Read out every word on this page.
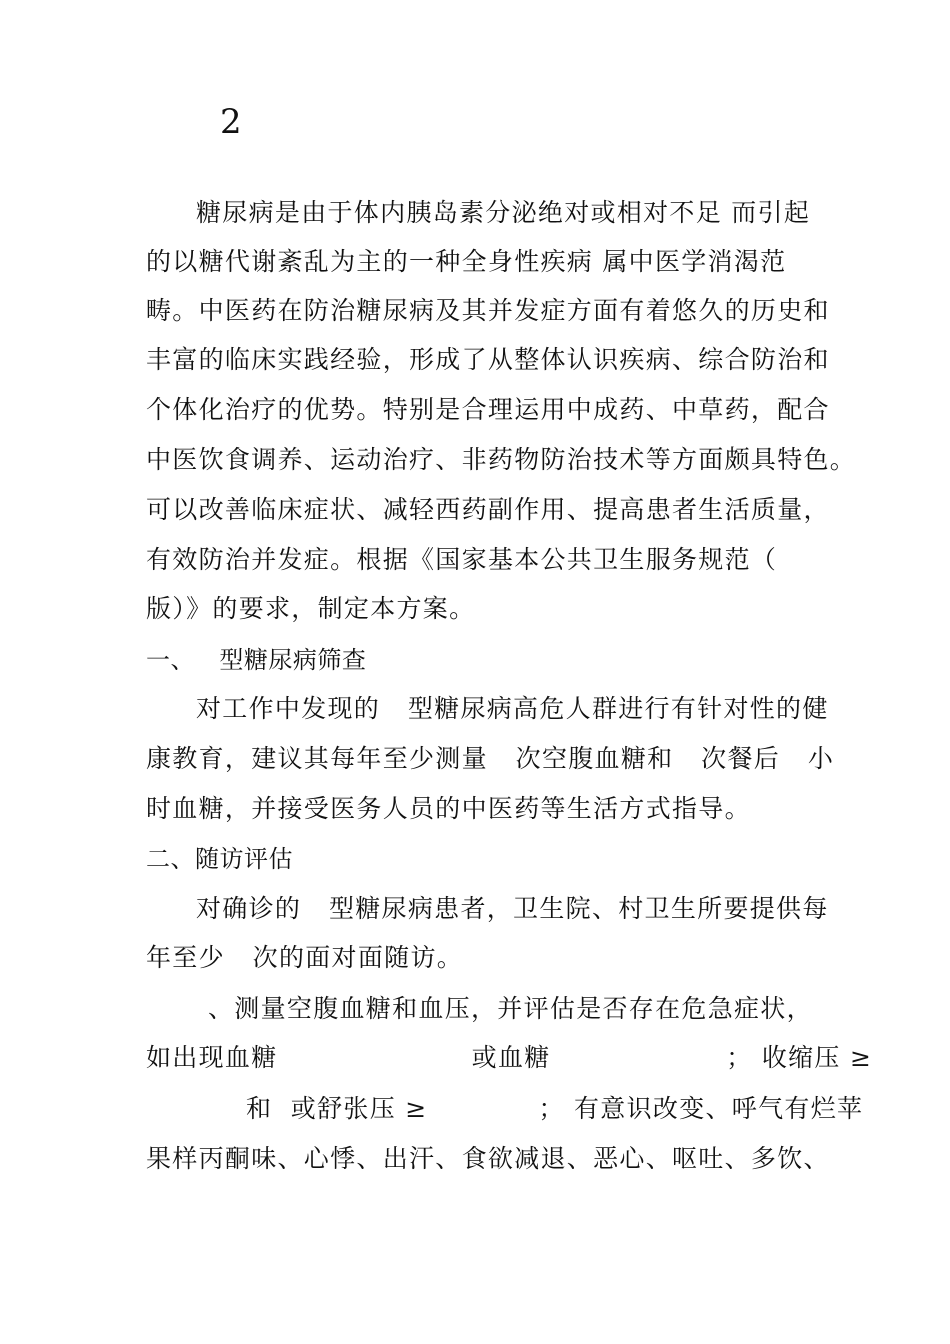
2
糖尿病是由于体内胰岛素分泌绝对或相对不足 而引起
的以糖代谢紊乱为主的一种全身性疾病 属中医学消渴范
畴。中医药在防治糖尿病及其并发症方面有着悠久的历史和
丰富的临床实践经验，形成了从整体认识疾病、综合防治和
个体化治疗的优势。特别是合理运用中成药、中草药，配合
中医饮食调养、运动治疗、非药物防治技术等方面颇具特色。
可以改善临床症状、减轻西药副作用、提高患者生活质量，
有效防治并发症。根据《国家基本公共卫生服务规范（
版）》的要求，制定本方案。
一、   型糖尿病筛查
对工作中发现的   型糖尿病高危人群进行有针对性的健
康教育，建议其每年至少测量   次空腹血糖和   次餐后   小
时血糖，并接受医务人员的中医药等生活方式指导。
二、随访评估
对确诊的   型糖尿病患者，卫生院、村卫生所要提供每
年至少   次的面对面随访。
、测量空腹血糖和血压，并评估是否存在危急症状，
如出现血糖                     或血糖                   ； 收缩压 ≥
和  或舒张压 ≥            ； 有意识改变、呼气有烂苹
果样丙酮味、心悸、出汗、食欲减退、恶心、呕吐、多饮、
